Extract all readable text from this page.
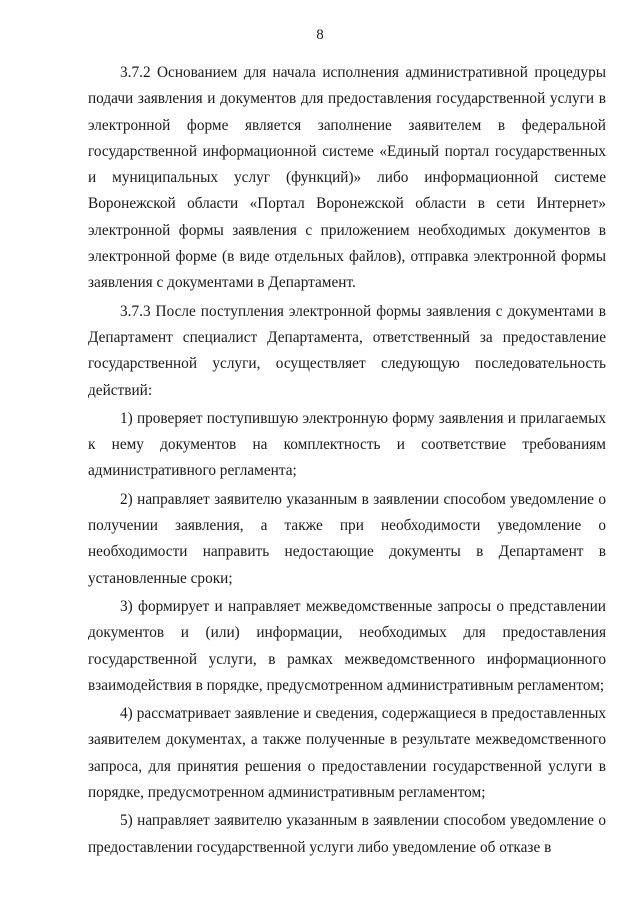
8

3.7.2 Основанием для начала исполнения административной процедуры подачи заявления и документов для предоставления государственной услуги в электронной форме является заполнение заявителем в федеральной государственной информационной системе «Единый портал государственных и муниципальных услуг (функций)» либо информационной системе Воронежской области «Портал Воронежской области в сети Интернет» электронной формы заявления с приложением необходимых документов в электронной форме (в виде отдельных файлов), отправка электронной формы заявления с документами в Департамент.

3.7.3 После поступления электронной формы заявления с документами в Департамент специалист Департамента, ответственный за предоставление государственной услуги, осуществляет следующую последовательность действий:

1) проверяет поступившую электронную форму заявления и прилагаемых к нему документов на комплектность и соответствие требованиям административного регламента;

2) направляет заявителю указанным в заявлении способом уведомление о получении заявления, а также при необходимости уведомление о необходимости направить недостающие документы в Департамент в установленные сроки;

3) формирует и направляет межведомственные запросы о представлении документов и (или) информации, необходимых для предоставления государственной услуги, в рамках межведомственного информационного взаимодействия в порядке, предусмотренном административным регламентом;

4) рассматривает заявление и сведения, содержащиеся в предоставленных заявителем документах, а также полученные в результате межведомственного запроса, для принятия решения о предоставлении государственной услуги в порядке, предусмотренном административным регламентом;

5) направляет заявителю указанным в заявлении способом уведомление о предоставлении государственной услуги либо уведомление об отказе в
